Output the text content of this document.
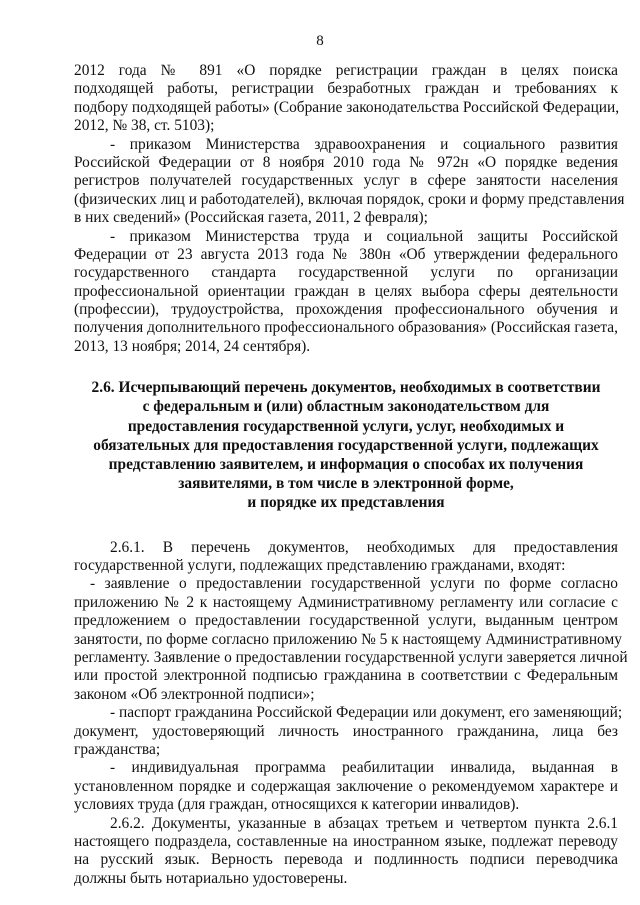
8
2012 года № 891 «О порядке регистрации граждан в целях поиска
подходящей работы, регистрации безработных граждан и требованиях к
подбору подходящей работы» (Собрание законодательства Российской Федерации,
2012, № 38, ст. 5103);
- приказом Министерства здравоохранения и социального развития
Российской Федерации от 8 ноября 2010 года № 972н «О порядке ведения
регистров получателей государственных услуг в сфере занятости населения
(физических лиц и работодателей), включая порядок, сроки и форму представления
в них сведений» (Российская газета, 2011, 2 февраля);
- приказом Министерства труда и социальной защиты Российской
Федерации от 23 августа 2013 года № 380н «Об утверждении федерального
государственного стандарта государственной услуги по организации
профессиональной ориентации граждан в целях выбора сферы деятельности
(профессии), трудоустройства, прохождения профессионального обучения и
получения дополнительного профессионального образования» (Российская газета,
2013, 13 ноября; 2014, 24 сентября).
2.6. Исчерпывающий перечень документов, необходимых в соответствии
с федеральным и (или) областным законодательством для
предоставления государственной услуги, услуг, необходимых и
обязательных для предоставления государственной услуги, подлежащих
представлению заявителем, и информация о способах их получения
заявителями, в том числе в электронной форме,
и порядке их представления
2.6.1. В перечень документов, необходимых для предоставления
государственной услуги, подлежащих представлению гражданами, входят:
- заявление о предоставлении государственной услуги по форме согласно
приложению № 2 к настоящему Административному регламенту или согласие с
предложением о предоставлении государственной услуги, выданным центром
занятости, по форме согласно приложению № 5 к настоящему Административному
регламенту. Заявление о предоставлении государственной услуги заверяется личной
или простой электронной подписью гражданина в соответствии с Федеральным
законом «Об электронной подписи»;
- паспорт гражданина Российской Федерации или документ, его заменяющий;
документ, удостоверяющий личность иностранного гражданина, лица без
гражданства;
- индивидуальная программа реабилитации инвалида, выданная в
установленном порядке и содержащая заключение о рекомендуемом характере и
условиях труда (для граждан, относящихся к категории инвалидов).
2.6.2. Документы, указанные в абзацах третьем и четвертом пункта 2.6.1
настоящего подраздела, составленные на иностранном языке, подлежат переводу
на русский язык. Верность перевода и подлинность подписи переводчика
должны быть нотариально удостоверены.
